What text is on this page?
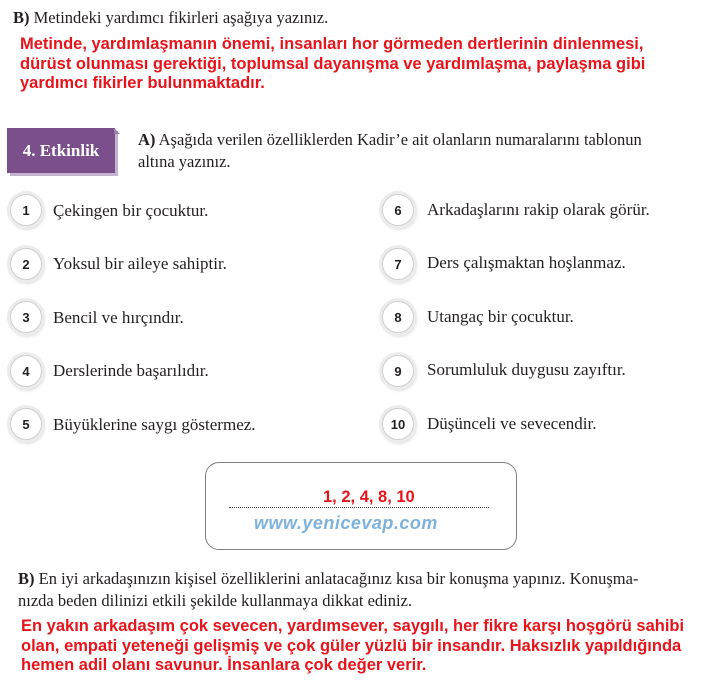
B) Metindeki yardımcı fikirleri aşağıya yazınız.
Metinde, yardımlaşmanın önemi, insanları hor görmeden dertlerinin dinlenmesi,
dürüst olunması gerektiği, toplumsal dayanışma ve yardımlaşma, paylaşma gibi
yardımcı fikirler bulunmaktadır.
4. Etkinlik
A) Aşağıda verilen özelliklerden Kadir’e ait olanların numaralarını tablonun
altına yazınız.
1	Çekingen bir çocuktur.
2	Yoksul bir aileye sahiptir.
3	Bencil ve hırçındır.
4	Derslerinde başarılıdır.
5	Büyüklerine saygı göstermez.
6	Arkadaşlarını rakip olarak görür.
7	Ders çalışmaktan hoşlanmaz.
8	Utangaç bir çocuktur.
9	Sorumluluk duygusu zayıftır.
10	Düşünceli ve sevecendir.
1, 2, 4, 8, 10
www.yenicevap.com
B) En iyi arkadaşınızın kişisel özelliklerini anlatacağınız kısa bir konuşma yapınız. Konuşma-
nızda beden dilinizi etkili şekilde kullanmaya dikkat ediniz.
En yakın arkadaşım çok sevecen, yardımsever, saygılı, her fikre karşı hoşgörü sahibi
olan, empati yeteneği gelişmiş ve çok güler yüzlü bir insandır. Haksızlık yapıldığında
hemen adil olanı savunur. İnsanlara çok değer verir.
